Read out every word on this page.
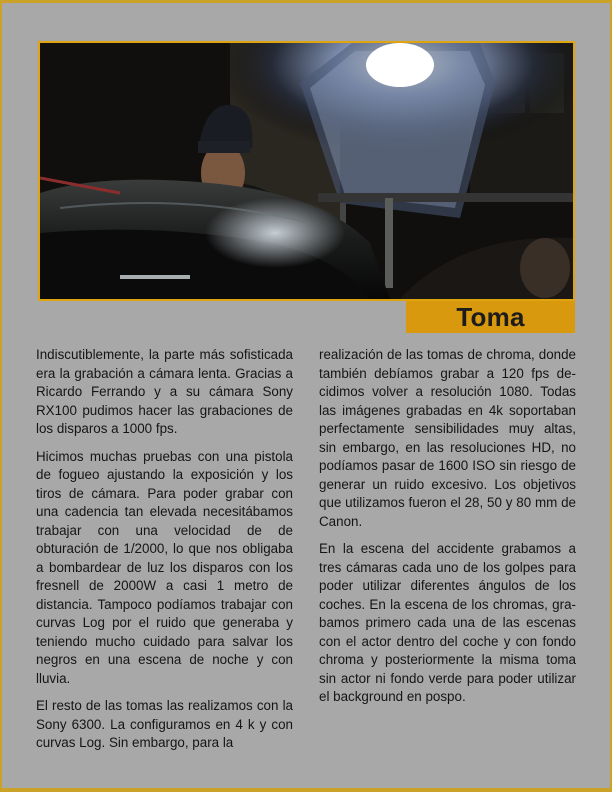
Toma

Indiscutiblemente, la parte más sofisticada era la grabación a cámara lenta. Gracias a Ricardo Ferrando y a su cámara Sony RX100 pudimos hacer las grabaciones de los disparos a 1000 fps.

Hicimos muchas pruebas con una pistola de fogueo ajustando la exposición y los tiros de cámara. Para poder grabar con una cadencia tan elevada necesitábamos trabajar con una velocidad de de obturación de 1/2000, lo que nos obligaba a bombardear de luz los disparos con los fresnell de 2000W a casi 1 metro de distancia. Tampoco podíamos trabajar con curvas Log por el ruido que generaba y teniendo mucho cuidado para salvar los negros en una escena de noche y con lluvia.

El resto de las tomas las realizamos con la Sony 6300. La configuramos en 4 k y con curvas Log. Sin embargo, para la

realización de las tomas de chroma, donde también debíamos grabar a 120 fps decidimos volver a resolución 1080. Todas las imágenes grabadas en 4k soportaban perfectamente sensibilidades muy altas, sin embargo, en las resoluciones HD, no podíamos pasar de 1600 ISO sin riesgo de generar un ruido excesivo. Los objetivos que utilizamos fueron el 28, 50 y 80 mm de Canon.

En la escena del accidente grabamos a tres cámaras cada uno de los golpes para poder utilizar diferentes ángulos de los coches. En la escena de los chromas, grabamos primero cada una de las escenas con el actor dentro del coche y con fondo chroma y posteriormente la misma toma sin actor ni fondo verde para poder utilizar el background en pospo.
